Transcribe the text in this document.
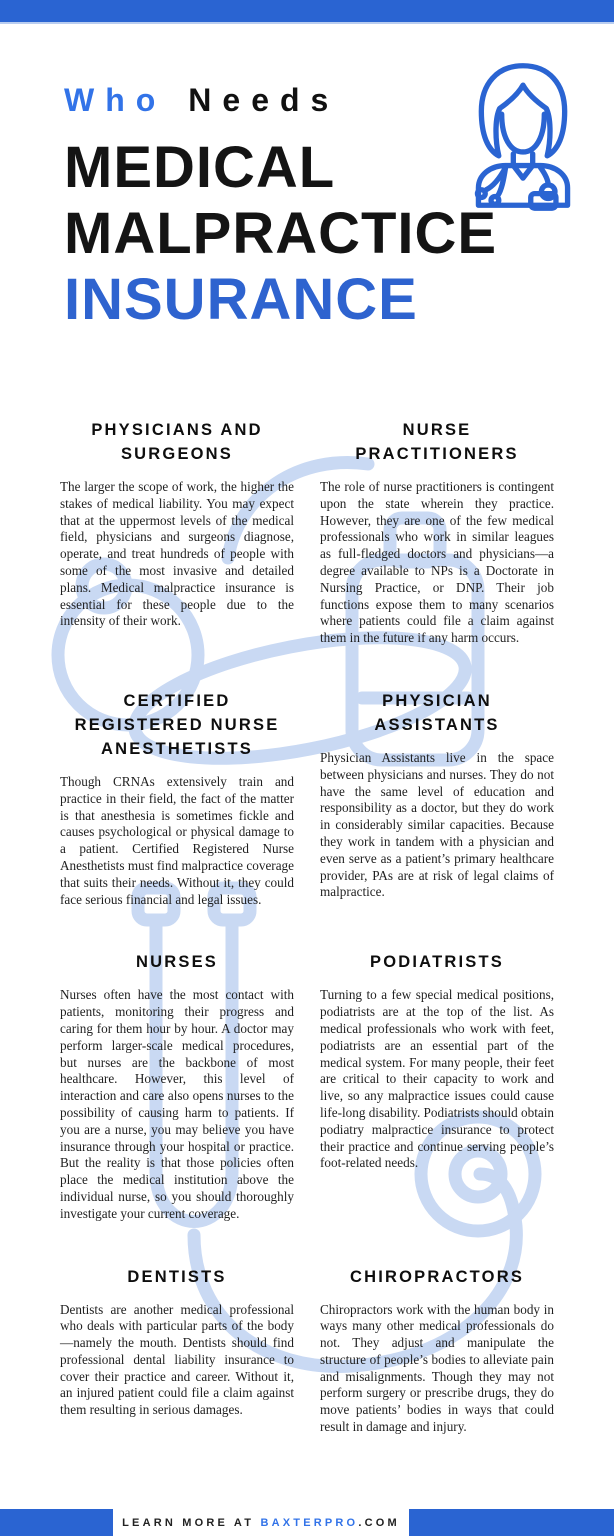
Who Needs
MEDICAL
MALPRACTICE
INSURANCE
PHYSICIANS AND SURGEONS
The larger the scope of work, the higher the stakes of medical liability. You may expect that at the uppermost levels of the medical field, physicians and surgeons diagnose, operate, and treat hundreds of people with some of the most invasive and detailed plans. Medical malpractice insurance is essential for these people due to the intensity of their work.
NURSE PRACTITIONERS
The role of nurse practitioners is contingent upon the state wherein they practice. However, they are one of the few medical professionals who work in similar leagues as full-fledged doctors and physicians—a degree available to NPs is a Doctorate in Nursing Practice, or DNP. Their job functions expose them to many scenarios where patients could file a claim against them in the future if any harm occurs.
CERTIFIED REGISTERED NURSE ANESTHETISTS
Though CRNAs extensively train and practice in their field, the fact of the matter is that anesthesia is sometimes fickle and causes psychological or physical damage to a patient. Certified Registered Nurse Anesthetists must find malpractice coverage that suits their needs. Without it, they could face serious financial and legal issues.
PHYSICIAN ASSISTANTS
Physician Assistants live in the space between physicians and nurses. They do not have the same level of education and responsibility as a doctor, but they do work in considerably similar capacities. Because they work in tandem with a physician and even serve as a patient’s primary healthcare provider, PAs are at risk of legal claims of malpractice.
NURSES
Nurses often have the most contact with patients, monitoring their progress and caring for them hour by hour. A doctor may perform larger-scale medical procedures, but nurses are the backbone of most healthcare. However, this level of interaction and care also opens nurses to the possibility of causing harm to patients. If you are a nurse, you may believe you have insurance through your hospital or practice. But the reality is that those policies often place the medical institution above the individual nurse, so you should thoroughly investigate your current coverage.
PODIATRISTS
Turning to a few special medical positions, podiatrists are at the top of the list. As medical professionals who work with feet, podiatrists are an essential part of the medical system. For many people, their feet are critical to their capacity to work and live, so any malpractice issues could cause life-long disability. Podiatrists should obtain podiatry malpractice insurance to protect their practice and continue serving people’s foot-related needs.
DENTISTS
Dentists are another medical professional who deals with particular parts of the body—namely the mouth. Dentists should find professional dental liability insurance to cover their practice and career. Without it, an injured patient could file a claim against them resulting in serious damages.
CHIROPRACTORS
Chiropractors work with the human body in ways many other medical professionals do not. They adjust and manipulate the structure of people’s bodies to alleviate pain and misalignments. Though they may not perform surgery or prescribe drugs, they do move patients’ bodies in ways that could result in damage and injury.
LEARN MORE AT
BAXTERPRO .COM
